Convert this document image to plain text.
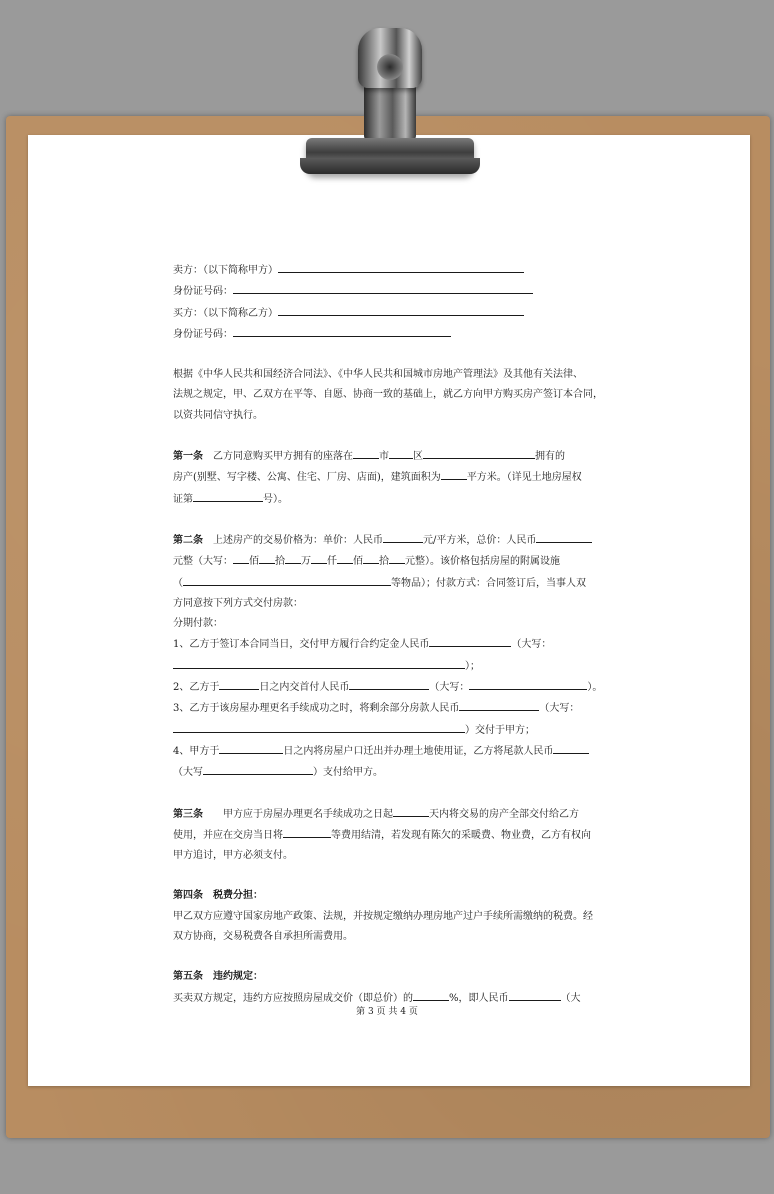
卖方：（以下简称甲方）

身份证号码：

买方：（以下简称乙方）

身份证号码：

根据《中华人民共和国经济合同法》、《中华人民共和国城市房地产管理法》及其他有关法律、
法规之规定，甲、乙双方在平等、自愿、协商一致的基础上，就乙方向甲方购买房产签订本合同，
以资共同信守执行。

第一条　 乙方同意购买甲方拥有的座落在	市 区	拥有的
房产(别墅、写字楼、公寓、住宅、厂房、店面)，建筑面积为	平方米。（详见土地房屋权
证第	号）。

第二条　 上述房产的交易价格为：单价：人民币	元/平方米，总价：人民币
元整（大写： 佰 拾 万 仟 佰 拾 元整）。该价格包括房屋的附属设施
（	等物品）；付款方式：合同签订后，当事人双
方同意按下列方式交付房款：
分期付款：
1、乙方于签订本合同当日，交付甲方履行合约定金人民币	（大写：
）；
2、乙方于	日之内交首付人民币	（大写：	）。
3、乙方于该房屋办理更名手续成功之时，将剩余部分房款人民币	（大写：
）交付于甲方；
4、甲方于	日之内将房屋户口迁出并办理土地使用证，乙方将尾款人民币
（大写	）支付给甲方。

第三条　　 甲方应于房屋办理更名手续成功之日起	天内将交易的房产全部交付给乙方
使用，并应在交房当日将	等费用结清，若发现有陈欠的采暖费、物业费，乙方有权向
甲方追讨，甲方必须支付。

第四条　税费分担：
甲乙双方应遵守国家房地产政策、法规，并按规定缴纳办理房地产过户手续所需缴纳的税费。经
双方协商，交易税费各自承担所需费用。

第五条　违约规定：
买卖双方规定，违约方应按照房屋成交价（即总价）的	%，即人民币	（大

第 3 页 共 4 页
